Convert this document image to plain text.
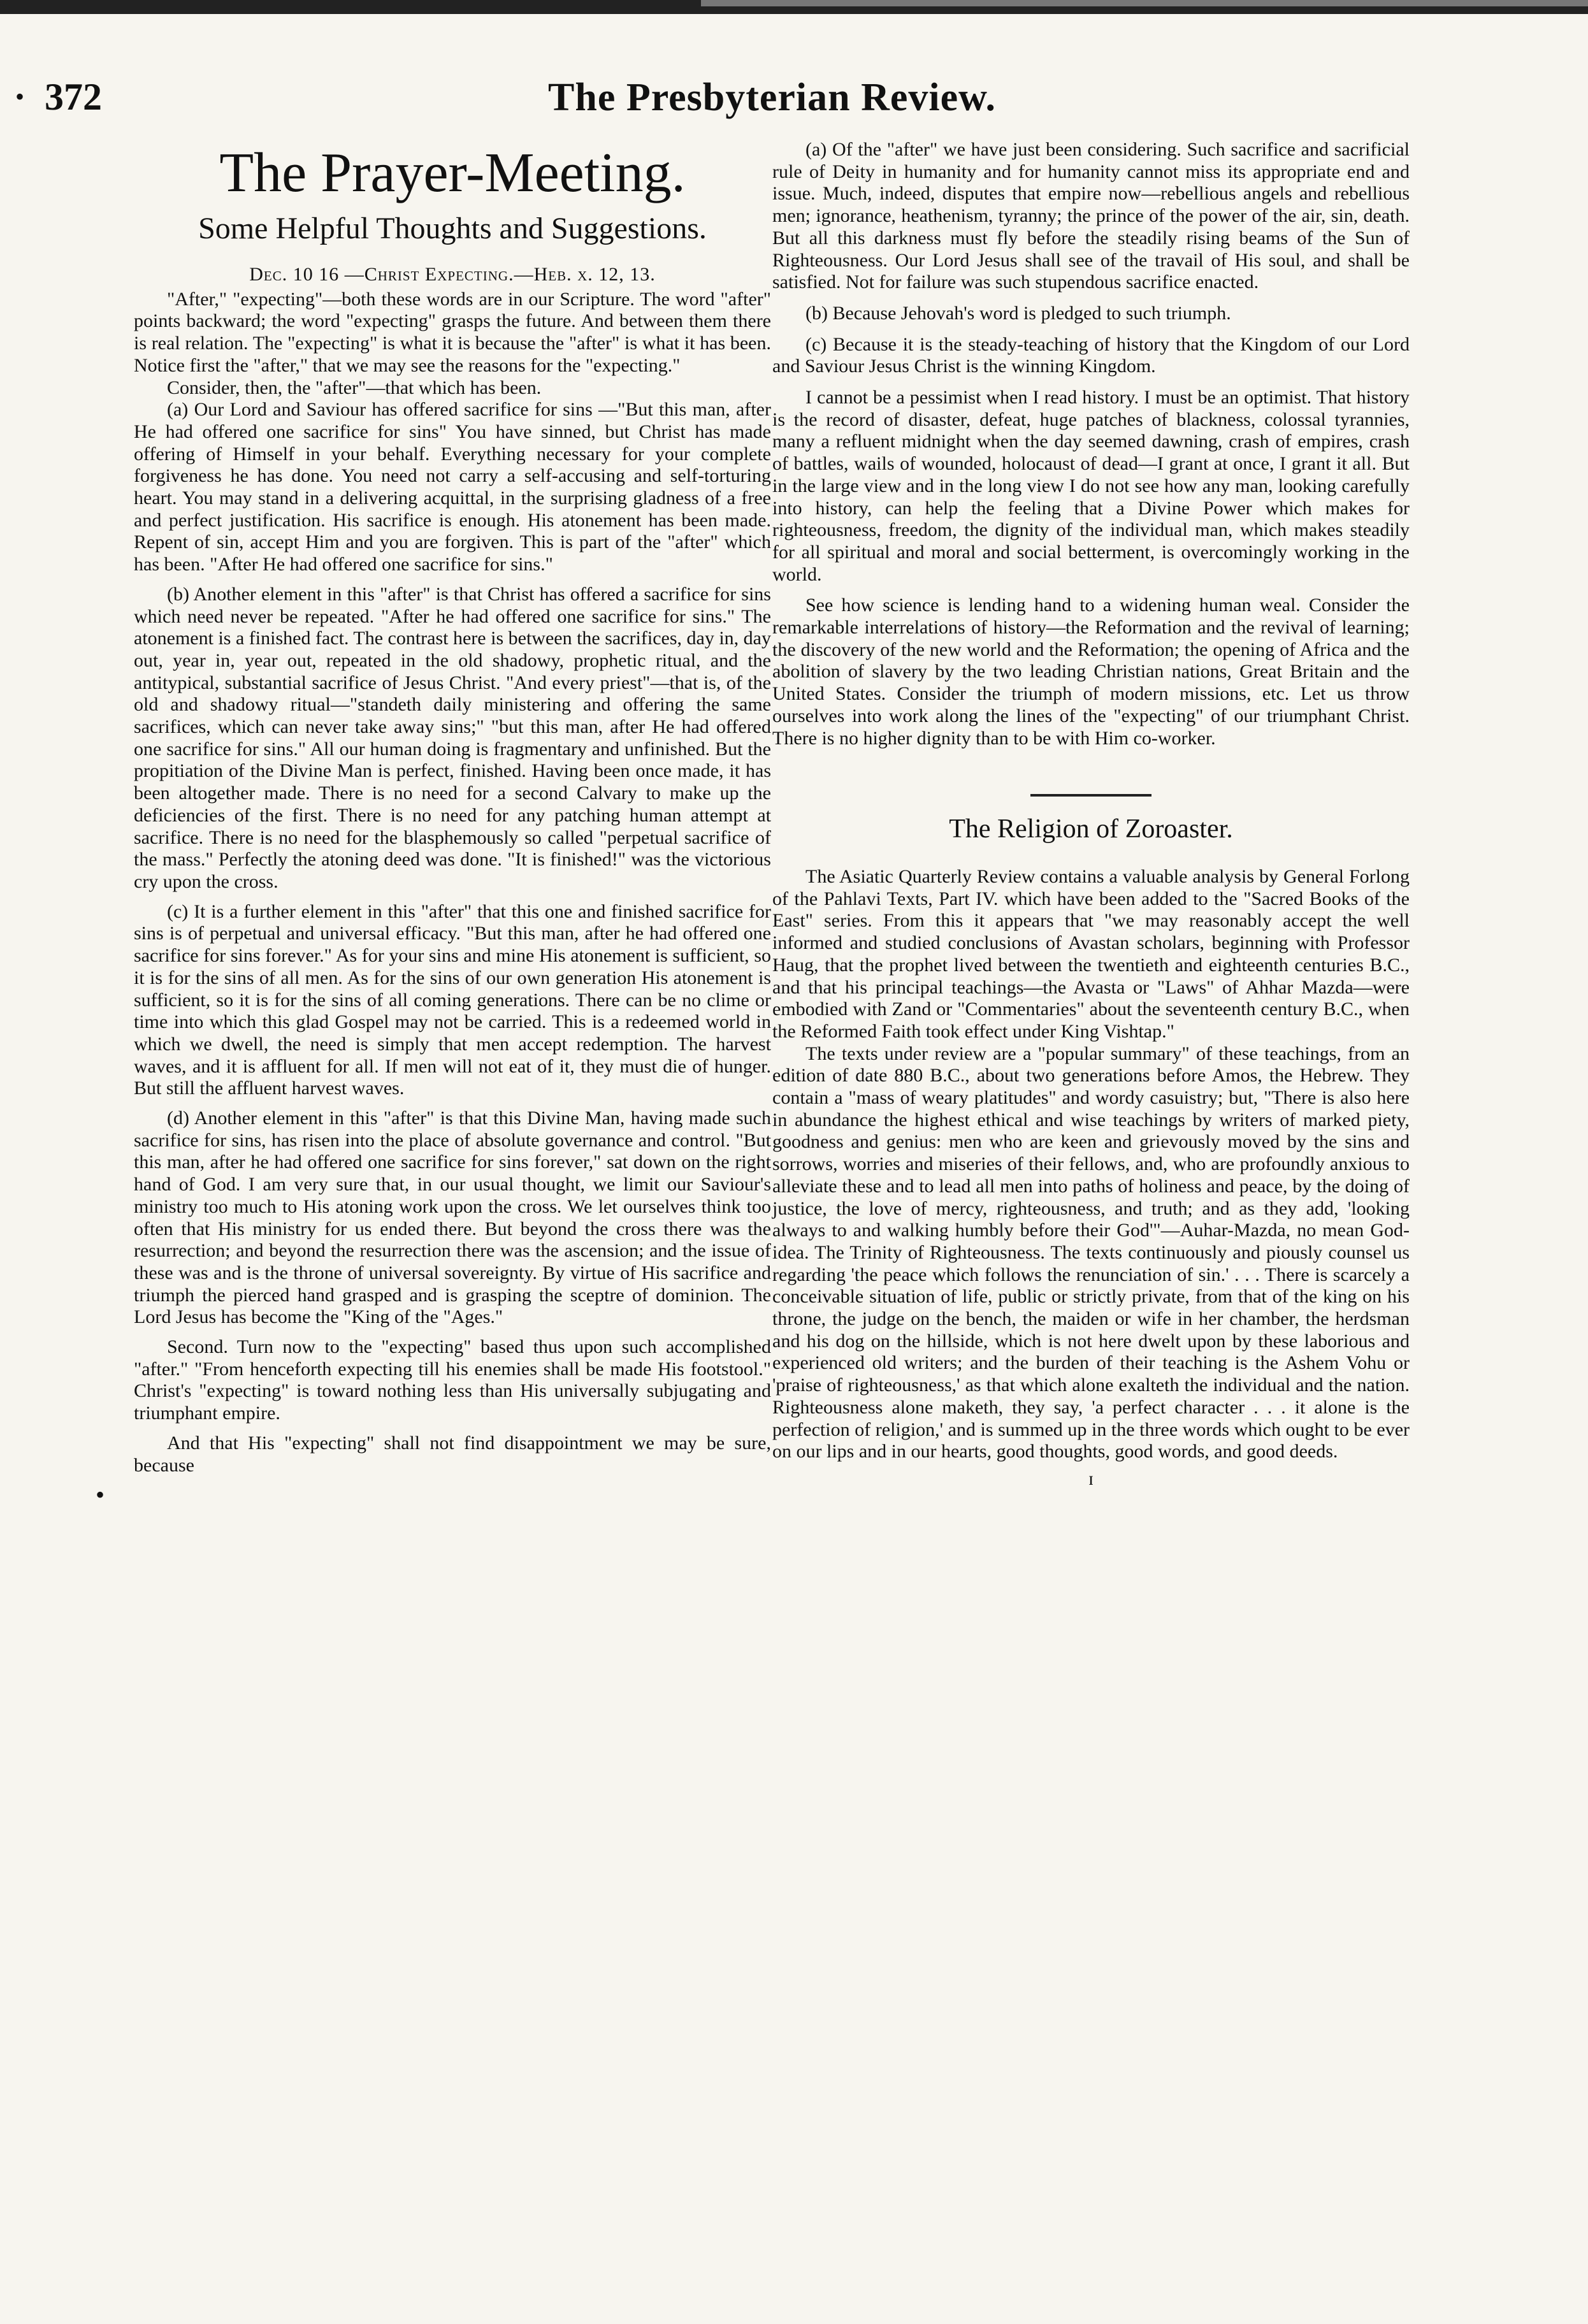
372	The Presbyterian Review.
•
•
The Prayer-Meeting.
Some Helpful Thoughts and Suggestions.

Dec. 10 16 —Christ Expecting.—Heb. x. 12, 13.

"After," "expecting"—both these words are in our Scripture. The word "after" points backward; the word "expecting" grasps the future. And between them there is real relation. The "expecting" is what it is because the "after" is what it has been. Notice first the "after," that we may see the reasons for the "expecting."

Consider, then, the "after"—that which has been.

(a) Our Lord and Saviour has offered sacrifice for sins —"But this man, after He had offered one sacrifice for sins" You have sinned, but Christ has made offering of Himself in your behalf. Everything necessary for your complete forgiveness he has done. You need not carry a self-accusing and self-torturing heart. You may stand in a delivering acquittal, in the surprising gladness of a free and perfect justification. His sacrifice is enough. His atonement has been made. Repent of sin, accept Him and you are forgiven. This is part of the "after" which has been. "After He had offered one sacrifice for sins."

(b) Another element in this "after" is that Christ has offered a sacrifice for sins which need never be repeated. "After he had offered one sacrifice for sins." The atonement is a finished fact. The contrast here is between the sacrifices, day in, day out, year in, year out, repeated in the old shadowy, prophetic ritual, and the antitypical, substantial sacrifice of Jesus Christ. "And every priest"—that is, of the old and shadowy ritual—"standeth daily ministering and offering the same sacrifices, which can never take away sins;" "but this man, after He had offered one sacrifice for sins." All our human doing is fragmentary and unfinished. But the propitiation of the Divine Man is perfect, finished. Having been once made, it has been altogether made. There is no need for a second Calvary to make up the deficiencies of the first. There is no need for any patching human attempt at sacrifice. There is no need for the blasphemously so called "perpetual sacrifice of the mass." Perfectly the atoning deed was done. "It is finished!" was the victorious cry upon the cross.

(c) It is a further element in this "after" that this one and finished sacrifice for sins is of perpetual and universal efficacy. "But this man, after he had offered one sacrifice for sins forever." As for your sins and mine His atonement is sufficient, so it is for the sins of all men. As for the sins of our own generation His atonement is sufficient, so it is for the sins of all coming generations. There can be no clime or time into which this glad Gospel may not be carried. This is a redeemed world in which we dwell, the need is simply that men accept redemption. The harvest waves, and it is affluent for all. If men will not eat of it, they must die of hunger. But still the affluent harvest waves.

(d) Another element in this "after" is that this Divine Man, having made such sacrifice for sins, has risen into the place of absolute governance and control. "But this man, after he had offered one sacrifice for sins forever," sat down on the right hand of God. I am very sure that, in our usual thought, we limit our Saviour's ministry too much to His atoning work upon the cross. We let ourselves think too often that His ministry for us ended there. But beyond the cross there was the resurrection; and beyond the resurrection there was the ascension; and the issue of these was and is the throne of universal sovereignty. By virtue of His sacrifice and triumph the pierced hand grasped and is grasping the sceptre of dominion. The Lord Jesus has become the "King of the "Ages."

Second. Turn now to the "expecting" based thus upon such accomplished "after." "From henceforth expecting till his enemies shall be made His footstool." Christ's "expecting" is toward nothing less than His universally subjugating and triumphant empire.

And that His "expecting" shall not find disappointment we may be sure, because

(a) Of the "after" we have just been considering. Such sacrifice and sacrificial rule of Deity in humanity and for humanity cannot miss its appropriate end and issue. Much, indeed, disputes that empire now—rebellious angels and rebellious men; ignorance, heathenism, tyranny; the prince of the power of the air, sin, death. But all this darkness must fly before the steadily rising beams of the Sun of Righteousness. Our Lord Jesus shall see of the travail of His soul, and shall be satisfied. Not for failure was such stupendous sacrifice enacted.

(b) Because Jehovah's word is pledged to such triumph.

(c) Because it is the steady-teaching of history that the Kingdom of our Lord and Saviour Jesus Christ is the winning Kingdom.

I cannot be a pessimist when I read history. I must be an optimist. That history is the record of disaster, defeat, huge patches of blackness, colossal tyrannies, many a refluent midnight when the day seemed dawning, crash of empires, crash of battles, wails of wounded, holocaust of dead—I grant at once, I grant it all. But in the large view and in the long view I do not see how any man, looking carefully into history, can help the feeling that a Divine Power which makes for righteousness, freedom, the dignity of the individual man, which makes steadily for all spiritual and moral and social betterment, is overcomingly working in the world.

See how science is lending hand to a widening human weal. Consider the remarkable interrelations of history—the Reformation and the revival of learning; the discovery of the new world and the Reformation; the opening of Africa and the abolition of slavery by the two leading Christian nations, Great Britain and the United States. Consider the triumph of modern missions, etc. Let us throw ourselves into work along the lines of the "expecting" of our triumphant Christ. There is no higher dignity than to be with Him co-worker.

The Religion of Zoroaster.

The Asiatic Quarterly Review contains a valuable analysis by General Forlong of the Pahlavi Texts, Part IV. which have been added to the "Sacred Books of the East" series. From this it appears that "we may reasonably accept the well informed and studied conclusions of Avastan scholars, beginning with Professor Haug, that the prophet lived between the twentieth and eighteenth centuries B.C., and that his principal teachings—the Avasta or "Laws" of Ahhar Mazda—were embodied with Zand or "Commentaries" about the seventeenth century B.C., when the Reformed Faith took effect under King Vishtap."

The texts under review are a "popular summary" of these teachings, from an edition of date 880 B.C., about two generations before Amos, the Hebrew. They contain a "mass of weary platitudes" and wordy casuistry; but, "There is also here in abundance the highest ethical and wise teachings by writers of marked piety, goodness and genius: men who are keen and grievously moved by the sins and sorrows, worries and miseries of their fellows, and, who are profoundly anxious to alleviate these and to lead all men into paths of holiness and peace, by the doing of justice, the love of mercy, righteousness, and truth; and as they add, 'looking always to and walking humbly before their God'"—Auhar-Mazda, no mean God-idea. The Trinity of Righteousness. The texts continuously and piously counsel us regarding 'the peace which follows the renunciation of sin.' . . . There is scarcely a conceivable situation of life, public or strictly private, from that of the king on his throne, the judge on the bench, the maiden or wife in her chamber, the herdsman and his dog on the hillside, which is not here dwelt upon by these laborious and experienced old writers; and the burden of their teaching is the Ashem Vohu or 'praise of righteousness,' as that which alone exalteth the individual and the nation. Righteousness alone maketh, they say, 'a perfect character . . . it alone is the perfection of religion,' and is summed up in the three words which ought to be ever on our lips and in our hearts, good thoughts, good words, and good deeds.

ɪ
